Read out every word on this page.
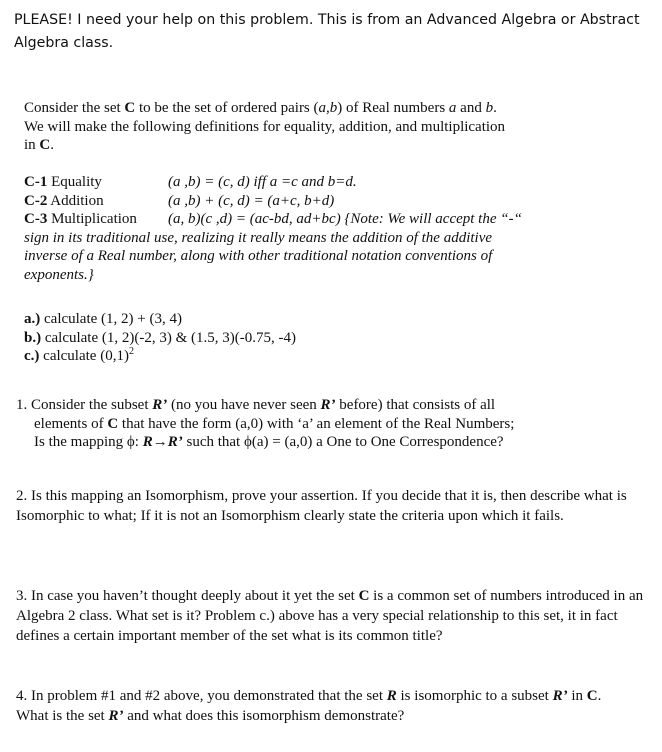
PLEASE! I need your help on this problem. This is from an Advanced Algebra or Abstract Algebra class.
Consider the set C to be the set of ordered pairs (a,b) of Real numbers a and b.
We will make the following definitions for equality, addition, and multiplication
in C.
C-1 Equality	(a ,b) = (c, d) iff a =c and b=d.
C-2 Addition	(a ,b) + (c, d) = (a+c, b+d)
C-3 Multiplication	(a, b)(c ,d) = (ac-bd, ad+bc) {Note: We will accept the “-“
sign in its traditional use, realizing it really means the addition of the additive
inverse of a Real number, along with other traditional notation conventions of
exponents.}
a.) calculate (1, 2) + (3, 4)
b.) calculate (1, 2)(-2, 3) & (1.5, 3)(-0.75, -4)
c.) calculate $(0,1)^2$
1. Consider the subset R’ (no you have never seen R’ before) that consists of all
elements of C that have the form (a,0) with ‘a’ an element of the Real Numbers;
Is the mapping ϕ: R→R’ such that ϕ(a) = (a,0) a One to One Correspondence?
2. Is this mapping an Isomorphism, prove your assertion. If you decide that it is, then describe what is Isomorphic to what; If it is not an Isomorphism clearly state the criteria upon which it fails.
3. In case you haven’t thought deeply about it yet the set C is a common set of numbers introduced in an Algebra 2 class. What set is it? Problem c.) above has a very special relationship to this set, it in fact defines a certain important member of the set what is its common title?
4. In problem #1 and #2 above, you demonstrated that the set R is isomorphic to a subset R’ in C. What is the set R’ and what does this isomorphism demonstrate?
